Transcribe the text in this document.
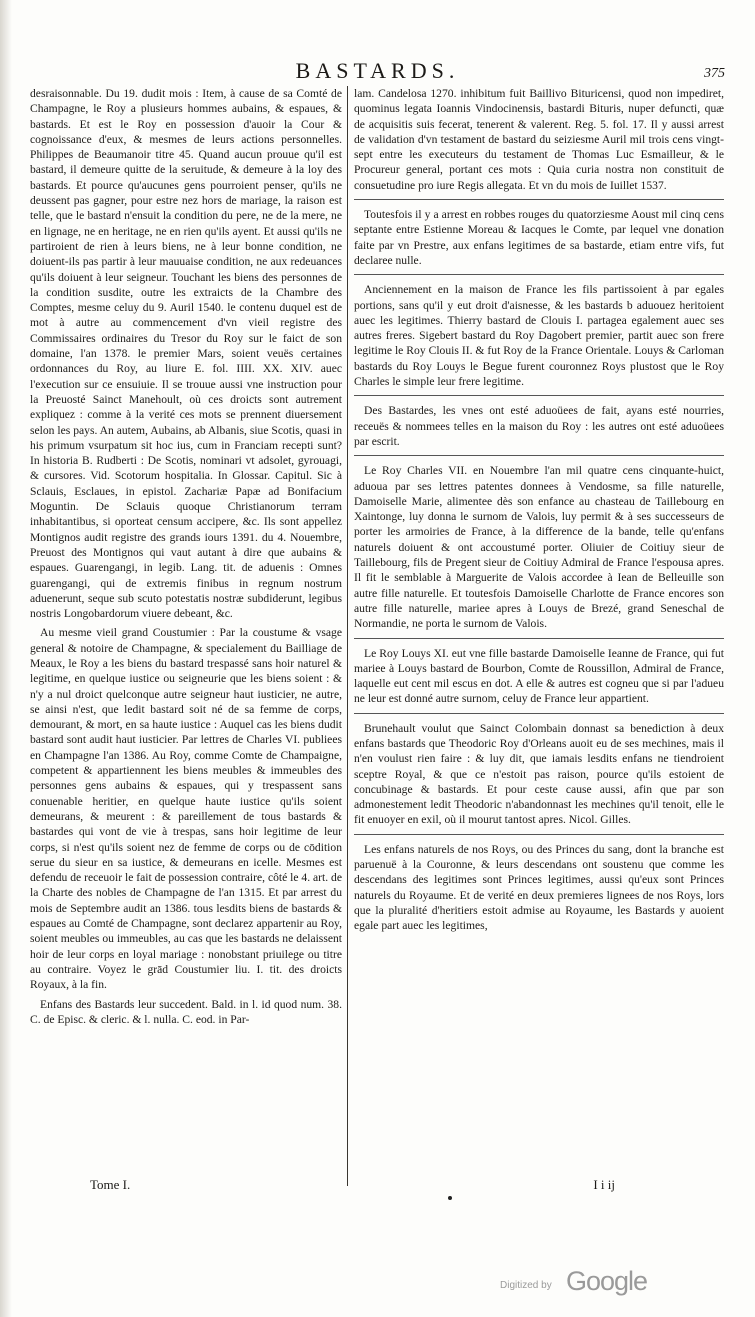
BASTARDS.	375

desraisonnable. Du 19. dudit mois : Item, à cause de sa Comté de Champagne, le Roy a plusieurs hommes aubains, & espaues, & bastards. Et est le Roy en possession d'auoir la Cour & cognoissance d'eux, & mesmes de leurs actions personnelles. Philippes de Beaumanoir titre 45. Quand aucun prouue qu'il est bastard, il demeure quitte de la seruitude, & demeure à la loy des bastards. Et pource qu'aucunes gens pourroient penser, qu'ils ne deussent pas gagner, pour estre nez hors de mariage, la raison est telle, que le bastard n'ensuit la condition du pere, ne de la mere, ne en lignage, ne en heritage, ne en rien qu'ils ayent. Et aussi qu'ils ne partiroient de rien à leurs biens, ne à leur bonne condition, ne doiuent-ils pas partir à leur mauuaise condition, ne aux redeuances qu'ils doiuent à leur seigneur. Touchant les biens des personnes de la condition susdite, outre les extraicts de la Chambre des Comptes, mesme celuy du 9. Auril 1540. le contenu duquel est de mot à autre au commencement d'vn vieil registre des Commissaires ordinaires du Tresor du Roy sur le faict de son domaine, l'an 1378. le premier Mars, soient veuës certaines ordonnances du Roy, au liure E. fol. IIII. XX. XIV. auec l'execution sur ce ensuiuie. Il se trouue aussi vne instruction pour la Preuosté Sainct Manehoult, où ces droicts sont autrement expliquez : comme à la verité ces mots se prennent diuersement selon les pays. An autem, Aubains, ab Albanis, siue Scotis, quasi in his primum vsurpatum sit hoc ius, cum in Franciam recepti sunt? In historia B. Rudberti : De Scotis, nominari vt adsolet, gyrouagi, & cursores. Vid. Scotorum hospitalia. In Glossar. Capitul. Sic à Sclauis, Esclaues, in epistol. Zachariæ Papæ ad Bonifacium Moguntin. De Sclauis quoque Christianorum terram inhabitantibus, si oporteat censum accipere, &c. Ils sont appellez Montignos audit registre des grands iours 1391. du 4. Nouembre, Preuost des Montignos qui vaut autant à dire que aubains & espaues. Guarengangi, in legib. Lang. tit. de aduenis : Omnes guarengangi, qui de extremis finibus in regnum nostrum aduenerunt, seque sub scuto potestatis nostræ subdiderunt, legibus nostris Longobardorum viuere debeant, &c.

Au mesme vieil grand Coustumier : Par la coustume & vsage general & notoire de Champagne, & specialement du Bailliage de Meaux, le Roy a les biens du bastard trespassé sans hoir naturel & legitime, en quelque iustice ou seigneurie que les biens soient : & n'y a nul droict quelconque autre seigneur haut iusticier, ne autre, se ainsi n'est, que ledit bastard soit né de sa femme de corps, demourant, & mort, en sa haute iustice : Auquel cas les biens dudit bastard sont audit haut iusticier. Par lettres de Charles VI. publiees en Champagne l'an 1386. Au Roy, comme Comte de Champaigne, competent & appartiennent les biens meubles & immeubles des personnes gens aubains & espaues, qui y trespassent sans conuenable heritier, en quelque haute iustice qu'ils soient demeurans, & meurent : & pareillement de tous bastards & bastardes qui vont de vie à trespas, sans hoir legitime de leur corps, si n'est qu'ils soient nez de femme de corps ou de cōdition serue du sieur en sa iustice, & demeurans en icelle. Mesmes est defendu de receuoir le fait de possession contraire, côté le 4. art. de la Charte des nobles de Champagne de l'an 1315. Et par arrest du mois de Septembre audit an 1386. tous lesdits biens de bastards & espaues au Comté de Champagne, sont declarez appartenir au Roy, soient meubles ou immeubles, au cas que les bastards ne delaissent hoir de leur corps en loyal mariage : nonobstant priuilege ou titre au contraire. Voyez le grād Coustumier liu. I. tit. des droicts Royaux, à la fin.

Enfans des Bastards leur succedent. Bald. in l. id quod num. 38. C. de Episc. & cleric. & l. nulla. C. eod. in Par-

lam. Candelosa 1270. inhibitum fuit Baillivo Bituricensi, quod non impediret, quominus legata Ioannis Vindocinensis, bastardi Bituris, nuper defuncti, quæ de acquisitis suis fecerat, tenerent & valerent. Reg. 5. fol. 17. Il y aussi arrest de validation d'vn testament de bastard du seiziesme Auril mil trois cens vingt-sept entre les executeurs du testament de Thomas Luc Esmailleur, & le Procureur general, portant ces mots : Quia curia nostra non constituit de consuetudine pro iure Regis allegata. Et vn du mois de Iuillet 1537.

Toutesfois il y a arrest en robbes rouges du quatorziesme Aoust mil cinq cens septante entre Estienne Moreau & Iacques le Comte, par lequel vne donation faite par vn Prestre, aux enfans legitimes de sa bastarde, etiam entre vifs, fut declaree nulle.

Anciennement en la maison de France les fils partissoient à par egales portions, sans qu'il y eut droit d'aisnesse, & les bastards b aduouez heritoient auec les legitimes. Thierry bastard de Clouis I. partagea egalement auec ses autres freres. Sigebert bastard du Roy Dagobert premier, partit auec son frere legitime le Roy Clouis II. & fut Roy de la France Orientale. Louys & Carloman bastards du Roy Louys le Begue furent couronnez Roys plustost que le Roy Charles le simple leur frere legitime.

Des Bastardes, les vnes ont esté aduoüees de fait, ayans esté nourries, receuës & nommees telles en la maison du Roy : les autres ont esté aduoüees par escrit.

Le Roy Charles VII. en Nouembre l'an mil quatre cens cinquante-huict, aduoua par ses lettres patentes donnees à Vendosme, sa fille naturelle, Damoiselle Marie, alimentee dès son enfance au chasteau de Taillebourg en Xaintonge, luy donna le surnom de Valois, luy permit & à ses successeurs de porter les armoiries de France, à la difference de la bande, telle qu'enfans naturels doiuent & ont accoustumé porter. Oliuier de Coitiuy sieur de Taillebourg, fils de Pregent sieur de Coitiuy Admiral de France l'espousa apres. Il fit le semblable à Marguerite de Valois accordee à Iean de Belleuille son autre fille naturelle. Et toutesfois Damoiselle Charlotte de France encores son autre fille naturelle, mariee apres à Louys de Brezé, grand Seneschal de Normandie, ne porta le surnom de Valois.

Le Roy Louys XI. eut vne fille bastarde Damoiselle Ieanne de France, qui fut mariee à Louys bastard de Bourbon, Comte de Roussillon, Admiral de France, laquelle eut cent mil escus en dot. A elle & autres est cogneu que si par l'adueu ne leur est donné autre surnom, celuy de France leur appartient.

Brunehault voulut que Sainct Colombain donnast sa benediction à deux enfans bastards que Theodoric Roy d'Orleans auoit eu de ses mechines, mais il n'en voulust rien faire : & luy dit, que iamais lesdits enfans ne tiendroient sceptre Royal, & que ce n'estoit pas raison, pource qu'ils estoient de concubinage & bastards. Et pour ceste cause aussi, afin que par son admonestement ledit Theodoric n'abandonnast les mechines qu'il tenoit, elle le fit enuoyer en exil, où il mourut tantost apres. Nicol. Gilles.

Les enfans naturels de nos Roys, ou des Princes du sang, dont la branche est paruenuë à la Couronne, & leurs descendans ont soustenu que comme les descendans des legitimes sont Princes legitimes, aussi qu'eux sont Princes naturels du Royaume. Et de verité en deux premieres lignees de nos Roys, lors que la pluralité d'heritiers estoit admise au Royaume, les Bastards y auoient egale part auec les legitimes,

Tome I.	I i ij
Digitized by Google
